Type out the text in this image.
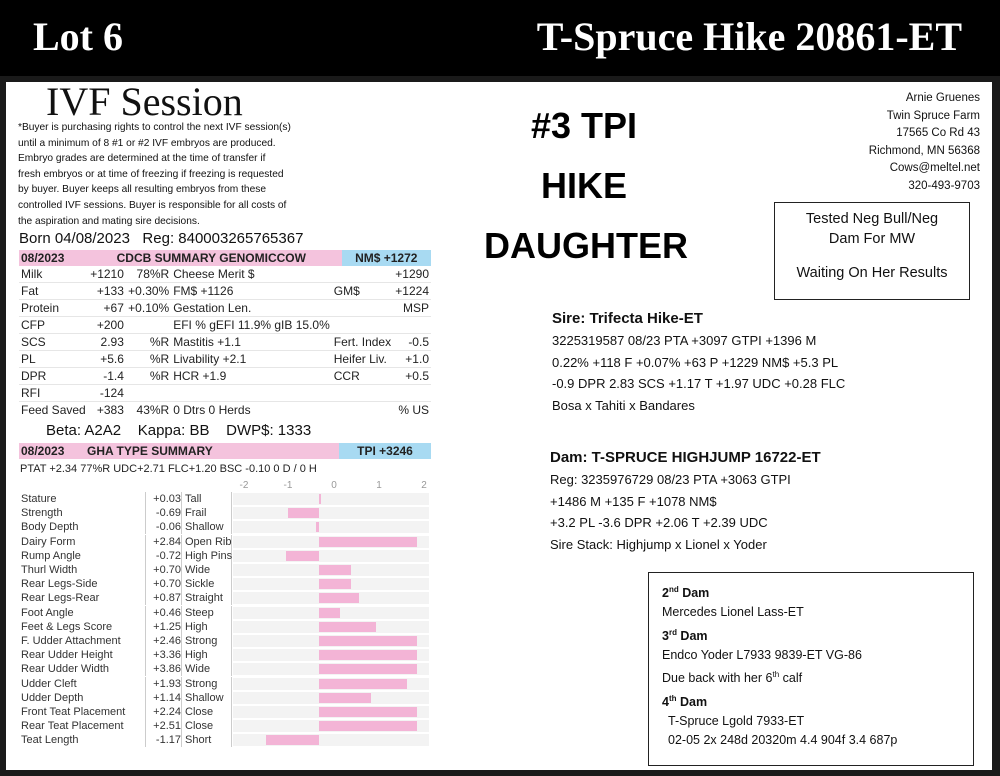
Lot 6	T-Spruce Hike 20861-ET
IVF Session
*Buyer is purchasing rights to control the next IVF session(s)
until a minimum of 8 #1 or #2 IVF embryos are produced.
Embryo grades are determined at the time of transfer if
fresh embryos or at time of freezing if freezing is requested
by buyer. Buyer keeps all resulting embryos from these
controlled IVF sessions. Buyer is responsible for all costs of
the aspiration and mating sire decisions.
Born 04/08/2023   Reg: 840003265765367
08/2023	CDCB SUMMARY GENOMICCOW	NM$ +1272
Milk	+1210	78%R	Cheese Merit $		+1290
Fat	+133	+0.30%	FM$ +1126	GM$	+1224
Protein	+67	+0.10%	Gestation Len.		MSP
CFP	+200		EFI % gEFI 11.9% gIB 15.0%		
SCS	2.93	%R	Mastitis +1.1	Fert. Index	-0.5
PL	+5.6	%R	Livability +2.1	Heifer Liv.	+1.0
DPR	-1.4	%R	HCR +1.9	CCR	+0.5
RFI	-124				
Feed Saved	+383	43%R	0 Dtrs 0 Herds		% US
Beta: A2A2    Kappa: BB    DWP$: 1333
08/2023	GHA TYPE SUMMARY	TPI +3246
PTAT +2.34 77%R UDC+2.71 FLC+1.20 BSC -0.10 0 D / 0 H
-2	-1	0	1	2
Stature	+0.03 Tall
Strength	-0.69 Frail
Body Depth	-0.06 Shallow
Dairy Form	+2.84 Open Rib
Rump Angle	-0.72 High Pins
Thurl Width	+0.70 Wide
Rear Legs-Side	+0.70 Sickle
Rear Legs-Rear	+0.87 Straight
Foot Angle	+0.46 Steep
Feet & Legs Score	+1.25 High
F. Udder Attachment	+2.46 Strong
Rear Udder Height	+3.36 High
Rear Udder Width	+3.86 Wide
Udder Cleft	+1.93 Strong
Udder Depth	+1.14 Shallow
Front Teat Placement	+2.24 Close
Rear Teat Placement	+2.51 Close
Teat Length	-1.17 Short
#3 TPI
HIKE
DAUGHTER
Arnie Gruenes
Twin Spruce Farm
17565 Co Rd 43
Richmond, MN 56368
Cows@meltel.net
320-493-9703
Tested Neg Bull/Neg
Dam For MW
Waiting On Her Results
Sire: Trifecta Hike-ET
3225319587 08/23 PTA +3097 GTPI +1396 M
0.22% +118 F +0.07% +63 P +1229 NM$ +5.3 PL
-0.9 DPR 2.83 SCS +1.17 T +1.97 UDC +0.28 FLC
Bosa x Tahiti x Bandares
Dam: T-SPRUCE HIGHJUMP 16722-ET
Reg: 3235976729 08/23 PTA +3063 GTPI
+1486 M +135 F +1078 NM$
+3.2 PL -3.6 DPR +2.06 T +2.39 UDC
Sire Stack: Highjump x Lionel x Yoder
2nd Dam
Mercedes Lionel Lass-ET
3rd Dam
Endco Yoder L7933 9839-ET VG-86
Due back with her 6th calf
4th Dam
T-Spruce Lgold 7933-ET
02-05 2x 248d 20320m 4.4 904f 3.4 687p
